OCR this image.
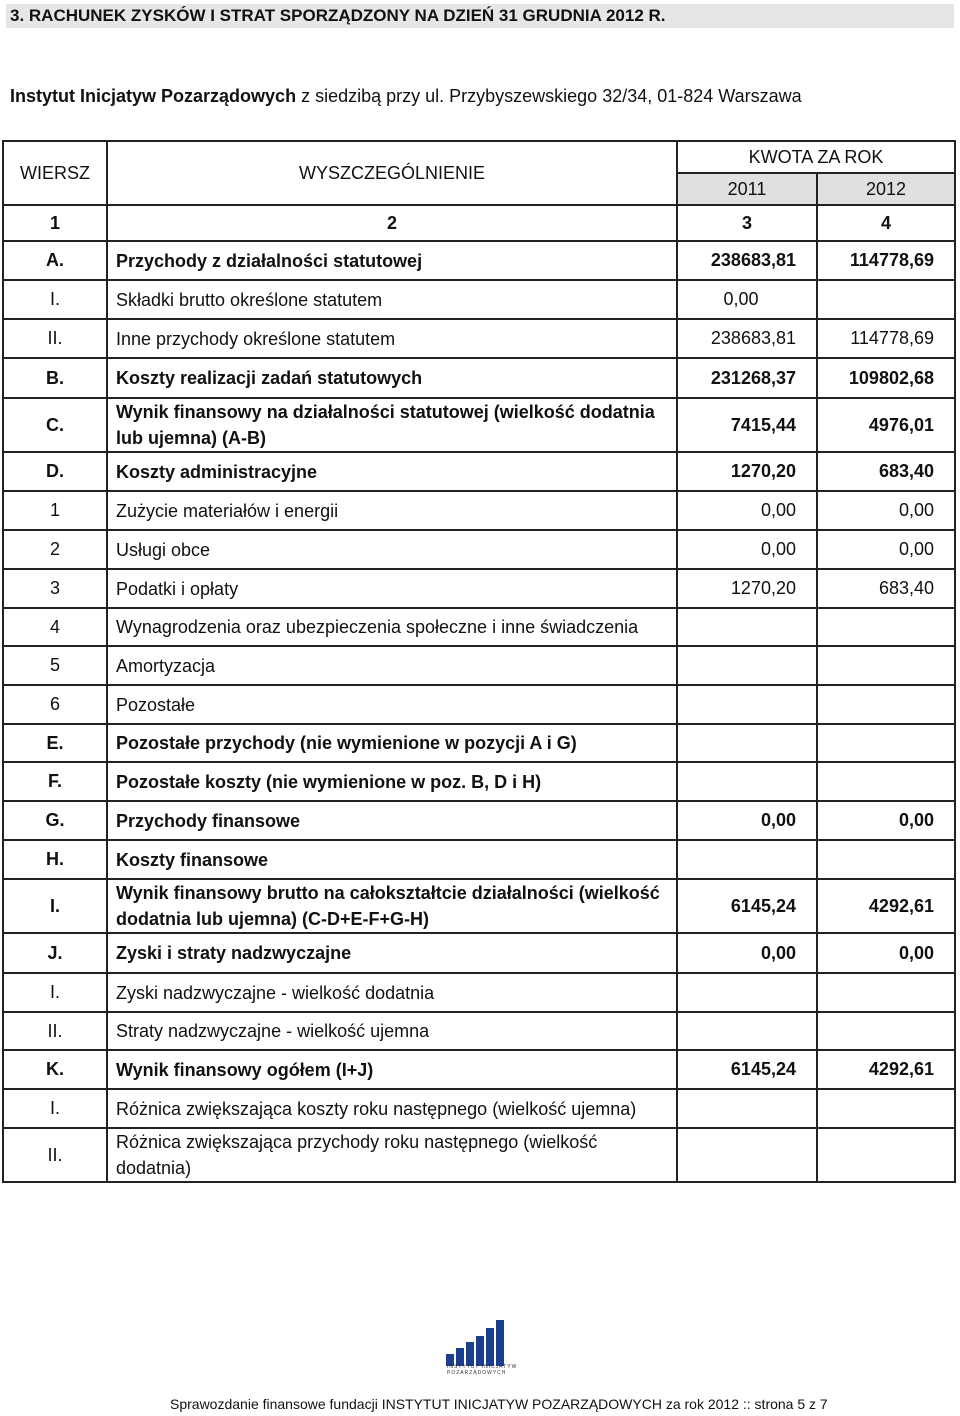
3. RACHUNEK ZYSKÓW I STRAT SPORZĄDZONY NA DZIEŃ 31 GRUDNIA 2012 R.
Instytut Inicjatyw Pozarządowych z siedzibą przy ul. Przybyszewskiego 32/34, 01-824 Warszawa
WIERSZ	WYSZCZEGÓLNIENIE	KWOTA ZA ROK	
		2011	2012
1	2	3	4
A.	Przychody z działalności statutowej	238683,81	114778,69
I.	Składki brutto określone statutem	0,00	
II.	Inne przychody określone statutem	238683,81	114778,69
B.	Koszty realizacji zadań statutowych	231268,37	109802,68
C.	Wynik finansowy na działalności statutowej (wielkość dodatnia lub ujemna) (A-B)	7415,44	4976,01
D.	Koszty administracyjne	1270,20	683,40
1	Zużycie materiałów i energii	0,00	0,00
2	Usługi obce	0,00	0,00
3	Podatki i opłaty	1270,20	683,40
4	Wynagrodzenia oraz ubezpieczenia społeczne i inne świadczenia		
5	Amortyzacja		
6	Pozostałe		
E.	Pozostałe przychody (nie wymienione w pozycji A i G)		
F.	Pozostałe koszty (nie wymienione w poz. B, D i H)		
G.	Przychody finansowe	0,00	0,00
H.	Koszty finansowe		
I.	Wynik finansowy brutto na całokształtcie działalności (wielkość dodatnia lub ujemna) (C-D+E-F+G-H)	6145,24	4292,61
J.	Zyski i straty nadzwyczajne	0,00	0,00
I.	Zyski nadzwyczajne - wielkość dodatnia		
II.	Straty nadzwyczajne - wielkość ujemna		
K.	Wynik finansowy ogółem (I+J)	6145,24	4292,61
I.	Różnica zwiększająca koszty roku następnego (wielkość ujemna)		
II.	Różnica zwiększająca przychody roku następnego (wielkość dodatnia)		
INSTYTUT INICJATYW
POZARZĄDOWYCH
Sprawozdanie finansowe fundacji INSTYTUT INICJATYW POZARZĄDOWYCH za rok 2012 :: strona 5 z 7
